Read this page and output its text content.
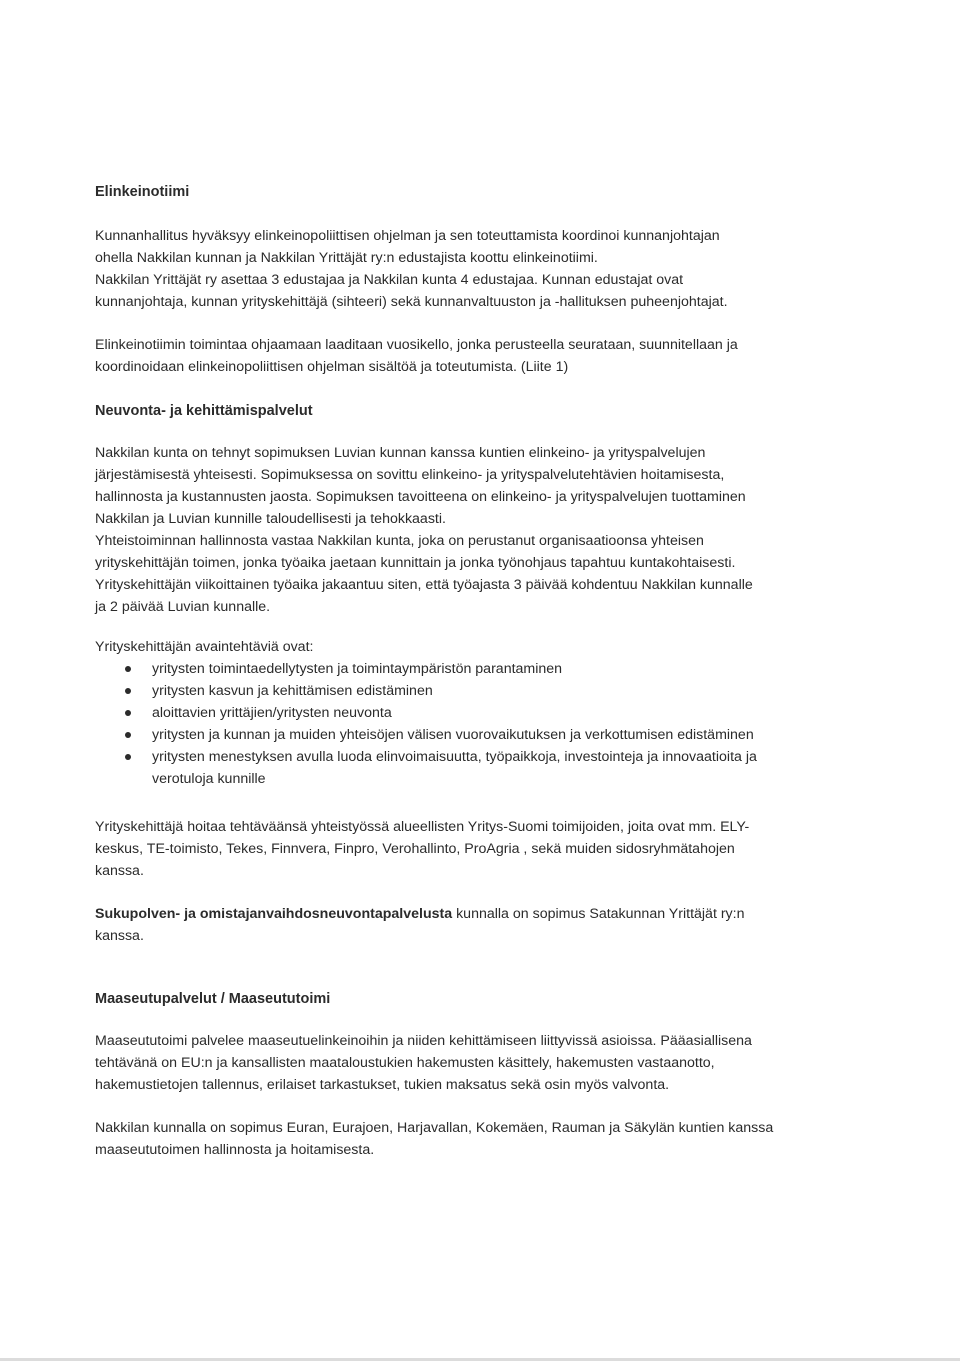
Elinkeinotiimi
Kunnanhallitus hyväksyy elinkeinopoliittisen ohjelman ja sen toteuttamista koordinoi kunnanjohtajan
ohella Nakkilan kunnan ja Nakkilan Yrittäjät ry:n edustajista koottu elinkeinotiimi.
Nakkilan Yrittäjät ry asettaa 3 edustajaa ja Nakkilan kunta 4 edustajaa. Kunnan edustajat ovat
kunnanjohtaja, kunnan yrityskehittäjä (sihteeri) sekä kunnanvaltuuston ja -hallituksen puheenjohtajat.
Elinkeinotiimin toimintaa ohjaamaan laaditaan vuosikello, jonka perusteella seurataan, suunnitellaan ja
koordinoidaan elinkeinopoliittisen ohjelman sisältöä ja toteutumista. (Liite 1)
Neuvonta- ja kehittämispalvelut
Nakkilan kunta on tehnyt sopimuksen Luvian kunnan kanssa kuntien elinkeino- ja yrityspalvelujen
järjestämisestä yhteisesti. Sopimuksessa on sovittu elinkeino- ja yrityspalvelutehtävien hoitamisesta,
hallinnosta ja kustannusten jaosta. Sopimuksen tavoitteena on elinkeino- ja yrityspalvelujen tuottaminen
Nakkilan ja Luvian kunnille taloudellisesti ja tehokkaasti.
Yhteistoiminnan hallinnosta vastaa Nakkilan kunta, joka on perustanut organisaatioonsa yhteisen
yrityskehittäjän toimen, jonka työaika jaetaan kunnittain ja jonka työnohjaus tapahtuu kuntakohtaisesti.
Yrityskehittäjän viikoittainen työaika jakaantuu siten, että työajasta 3 päivää kohdentuu Nakkilan kunnalle
ja 2 päivää Luvian kunnalle.
Yrityskehittäjän avaintehtäviä ovat:
yritysten toimintaedellytysten ja toimintaympäristön parantaminen
yritysten kasvun ja kehittämisen edistäminen
aloittavien yrittäjien/yritysten neuvonta
yritysten ja kunnan ja muiden yhteisöjen välisen vuorovaikutuksen ja verkottumisen edistäminen
yritysten menestyksen avulla luoda elinvoimaisuutta, työpaikkoja, investointeja ja innovaatioita ja
verotuloja kunnille
Yrityskehittäjä hoitaa tehtäväänsä yhteistyössä alueellisten Yritys-Suomi toimijoiden, joita ovat mm. ELY-
keskus, TE-toimisto, Tekes, Finnvera, Finpro, Verohallinto, ProAgria , sekä muiden sidosryhmätahojen
kanssa.
Sukupolven- ja omistajanvaihdosneuvontapalvelusta kunnalla on sopimus Satakunnan Yrittäjät ry:n
kanssa.
Maaseutupalvelut / Maaseututoimi
Maaseututoimi palvelee maaseutuelinkeinoihin ja niiden kehittämiseen liittyvissä asioissa. Pääasiallisena
tehtävänä on EU:n ja kansallisten maataloustukien hakemusten käsittely, hakemusten vastaanotto,
hakemustietojen tallennus, erilaiset tarkastukset, tukien maksatus sekä osin myös valvonta.
Nakkilan kunnalla on sopimus Euran, Eurajoen, Harjavallan, Kokemäen, Rauman ja Säkylän kuntien kanssa
maaseututoimen hallinnosta ja hoitamisesta.
